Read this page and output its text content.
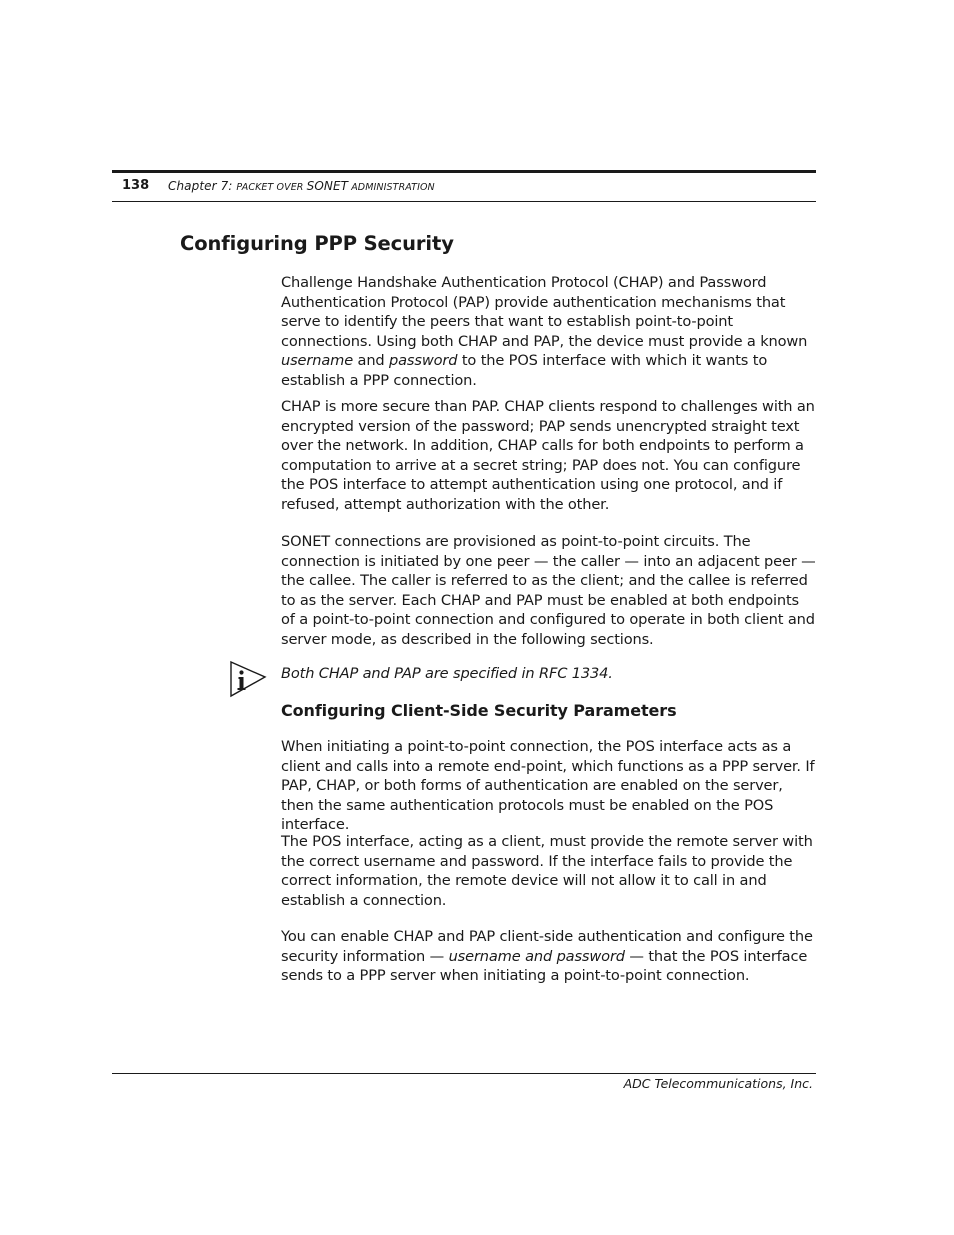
138 Chapter 7: PACKET OVER SONET ADMINISTRATION
Configuring PPP Security

Challenge Handshake Authentication Protocol (CHAP) and Password Authentication Protocol (PAP) provide authentication mechanisms that serve to identify the peers that want to establish point-to-point connections. Using both CHAP and PAP, the device must provide a known username and password to the POS interface with which it wants to establish a PPP connection.

CHAP is more secure than PAP. CHAP clients respond to challenges with an encrypted version of the password; PAP sends unencrypted straight text over the network. In addition, CHAP calls for both endpoints to perform a computation to arrive at a secret string; PAP does not. You can configure the POS interface to attempt authentication using one protocol, and if refused, attempt authorization with the other.

SONET connections are provisioned as point-to-point circuits. The connection is initiated by one peer — the caller — into an adjacent peer — the callee. The caller is referred to as the client; and the callee is referred to as the server. Each CHAP and PAP must be enabled at both endpoints of a point-to-point connection and configured to operate in both client and server mode, as described in the following sections.

Both CHAP and PAP are specified in RFC 1334.
Configuring Client-Side Security Parameters

When initiating a point-to-point connection, the POS interface acts as a client and calls into a remote end-point, which functions as a PPP server. If PAP, CHAP, or both forms of authentication are enabled on the server, then the same authentication protocols must be enabled on the POS interface.

The POS interface, acting as a client, must provide the remote server with the correct username and password. If the interface fails to provide the correct information, the remote device will not allow it to call in and establish a connection.

You can enable CHAP and PAP client-side authentication and configure the security information — username and password — that the POS interface sends to a PPP server when initiating a point-to-point connection.

ADC Telecommunications, Inc.
